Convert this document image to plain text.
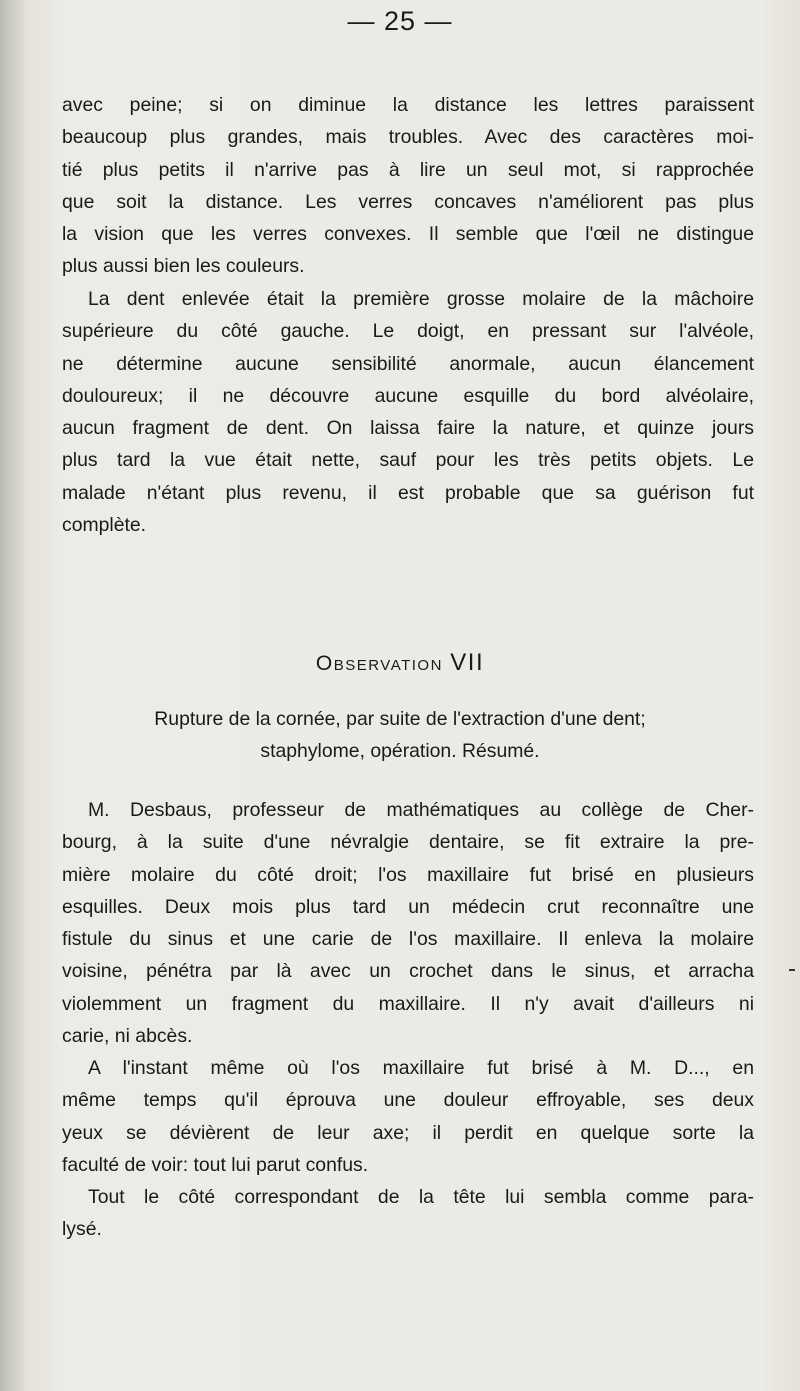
— 25 —
avec peine; si on diminue la distance les lettres paraissent
beaucoup plus grandes, mais troubles. Avec des caractères moi-
tié plus petits il n'arrive pas à lire un seul mot, si rapprochée
que soit la distance. Les verres concaves n'améliorent pas plus
la vision que les verres convexes. Il semble que l'œil ne distingue
plus aussi bien les couleurs.
La dent enlevée était la première grosse molaire de la mâchoire
supérieure du côté gauche. Le doigt, en pressant sur l'alvéole,
ne détermine aucune sensibilité anormale, aucun élancement
douloureux; il ne découvre aucune esquille du bord alvéolaire,
aucun fragment de dent. On laissa faire la nature, et quinze jours
plus tard la vue était nette, sauf pour les très petits objets. Le
malade n'étant plus revenu, il est probable que sa guérison fut
complète.
Observation VII
Rupture de la cornée, par suite de l'extraction d'une dent;
staphylome, opération. Résumé.
M. Desbaus, professeur de mathématiques au collège de Cher-
bourg, à la suite d'une névralgie dentaire, se fit extraire la pre-
mière molaire du côté droit; l'os maxillaire fut brisé en plusieurs
esquilles. Deux mois plus tard un médecin crut reconnaître une
fistule du sinus et une carie de l'os maxillaire. Il enleva la molaire
voisine, pénétra par là avec un crochet dans le sinus, et arracha
violemment un fragment du maxillaire. Il n'y avait d'ailleurs ni
carie, ni abcès.
A l'instant même où l'os maxillaire fut brisé à M. D..., en
même temps qu'il éprouva une douleur effroyable, ses deux
yeux se dévièrent de leur axe; il perdit en quelque sorte la
faculté de voir: tout lui parut confus.
Tout le côté correspondant de la tête lui sembla comme para-
lysé.
